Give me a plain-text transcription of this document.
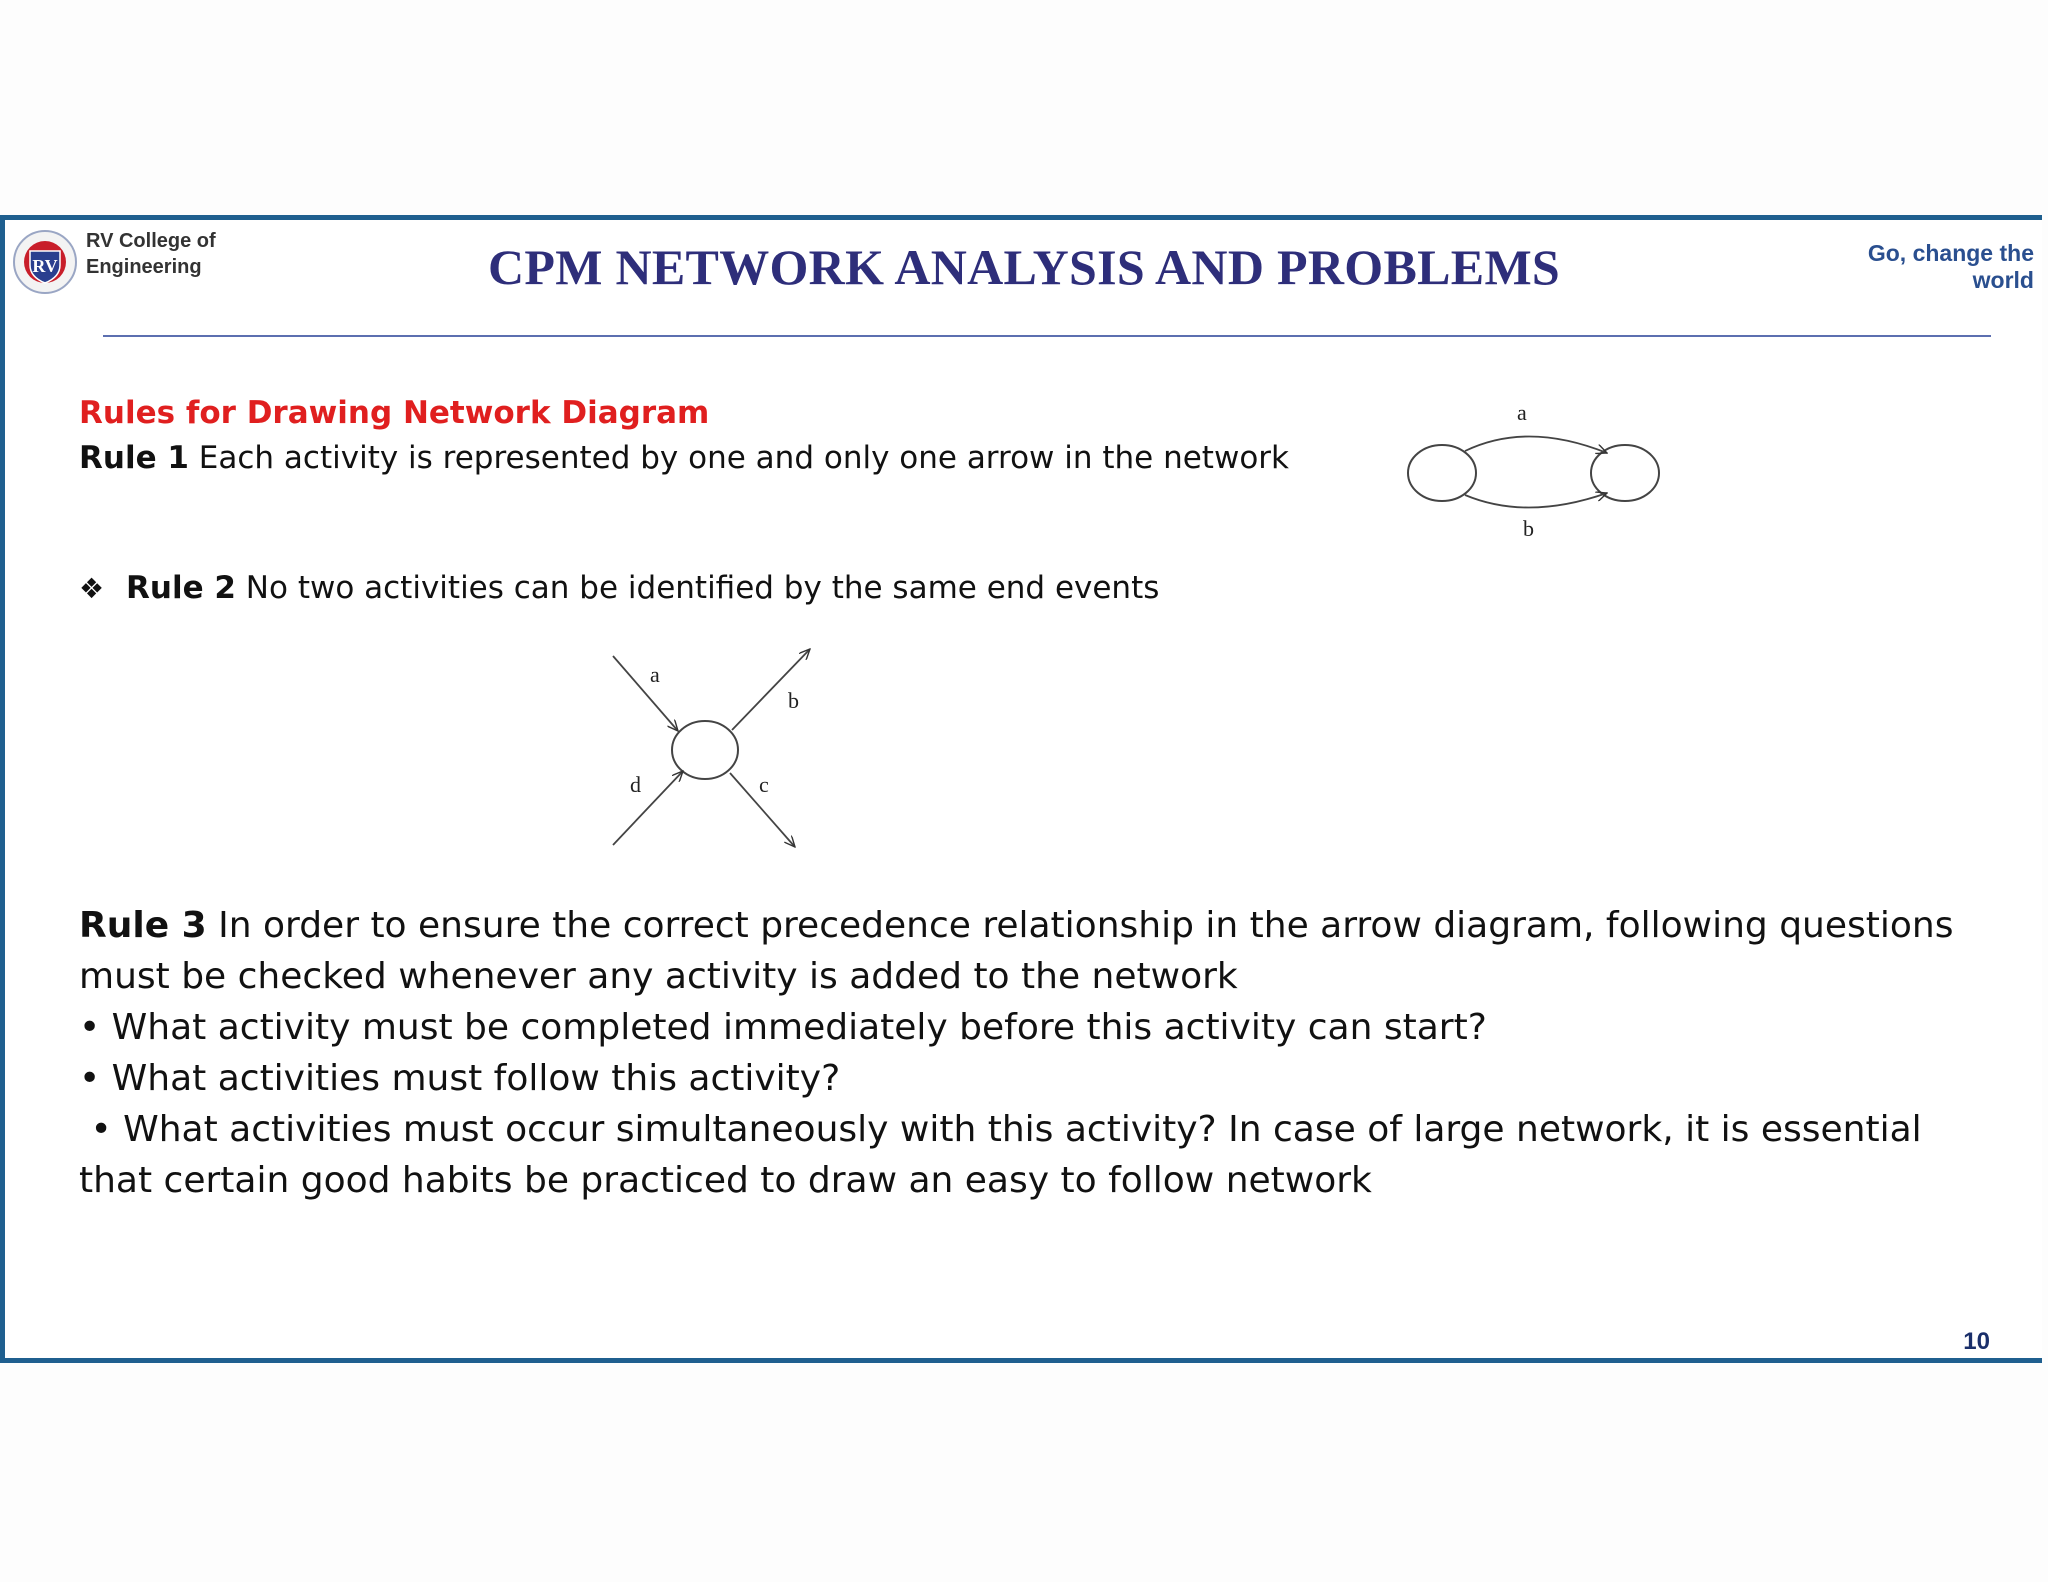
RV
RV College of
Engineering	CPM NETWORK ANALYSIS AND PROBLEMS	Go, change the
world
Rules for Drawing Network Diagram
Rule 1 Each activity is represented by one and only one arrow in the network
❖ Rule 2 No two activities can be identified by the same end events
a
b
a
b
c
d
Rule 3 In order to ensure the correct precedence relationship in the arrow diagram, following questions must be checked whenever any activity is added to the network
• What activity must be completed immediately before this activity can start?
• What activities must follow this activity?
• What activities must occur simultaneously with this activity? In case of large network, it is essential that certain good habits be practiced to draw an easy to follow network
10
